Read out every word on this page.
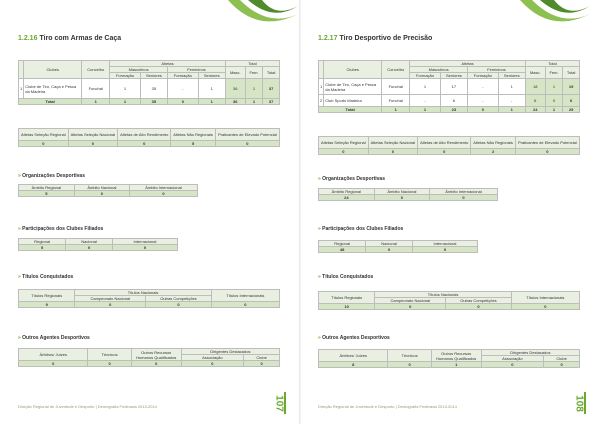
1.2.16 Tiro com Armas de Caça
	Clubes	Concelho	Atletas				Total		
			Masculinos		Femininos		Masc.	Fem.	Total
			Formação	Seniores	Formação	Seniores			
1	Clube de Tiro, Caça e Pesca da Madeira	Funchal	1	35	-	1	36	1	37
Total		1	1	35	0	1	36	1	37
Atletas Seleção Regional	Atletas Seleção Nacional	Atletas de Alto Rendimento	Atletas Não Regionais	Praticantes de Elevado Potencial
0	0	0	5	0
» Organizações Desportivas
Âmbito Regional	Âmbito Nacional	Âmbito Internacional
5	0	0
» Participações dos Clubes Filiados
Regional	Nacional	Internacional
5	0	0
» Títulos Conquistados
Títulos Regionais	Títulos Nacionais		Títulos Internacionais
	Campeonato Nacional	Outras Competições	
9	0	0	0
» Outros Agentes Desportivos
Árbitros/ Juízes	Técnicos	Outros Recursos Humanos Qualificados	Dirigentes Destacados	
			Associação	Clube
0	0	0	0	0
Direção Regional de Juventude e Desporto | Demografia Federada 2013-2014	107
1.2.17 Tiro Desportivo de Precisão
	Clubes	Concelho	Atletas				Total		
			Masculinos		Femininos		Masc.	Fem.	Total
			Formação	Seniores	Formação	Seniores			
1	Clube de Tiro, Caça e Pesca da Madeira	Funchal	1	17	-	1	18	1	19
2	Club Sports Madeira	Funchal	-	6	-	-	6	0	6
Total		1	1	23	0	1	24	1	25
Atletas Seleção Regional	Atletas Seleção Nacional	Atletas de Alto Rendimento	Atletas Não Regionais	Praticantes de Elevado Potencial
0	0	0	2	0
» Organizações Desportivas
Âmbito Regional	Âmbito Nacional	Âmbito Internacional
24	0	0
» Participações dos Clubes Filiados
Regional	Nacional	Internacional
48	0	0
» Títulos Conquistados
Títulos Regionais	Títulos Nacionais		Títulos Internacionais
	Campeonato Nacional	Outras Competições	
10	0	0	0
» Outros Agentes Desportivos
Árbitros/ Juízes	Técnicos	Outros Recursos Humanos Qualificados	Dirigentes Destacados	
			Associação	Clube
8	0	1	0	0
Direção Regional de Juventude e Desporto | Demografia Federada 2013-2014	108
